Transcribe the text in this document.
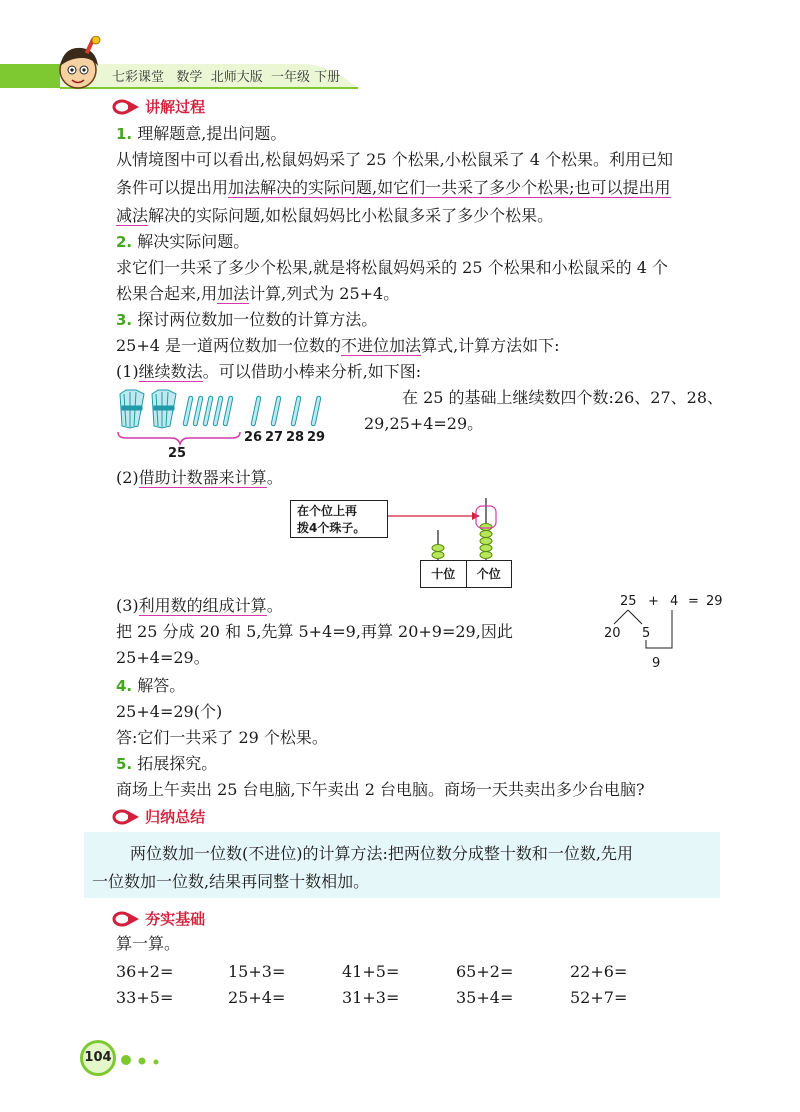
七彩课堂 数学 北师大版 一年级 下册
讲解过程
1. 理解题意,提出问题。
从情境图中可以看出,松鼠妈妈采了 25 个松果,小松鼠采了 4 个松果。利用已知
条件可以提出用加法解决的实际问题,如它们一共采了多少个松果;也可以提出用
减法解决的实际问题,如松鼠妈妈比小松鼠多采了多少个松果。
2. 解决实际问题。
求它们一共采了多少个松果,就是将松鼠妈妈采的 25 个松果和小松鼠采的 4 个
松果合起来,用加法计算,列式为 25+4。
3. 探讨两位数加一位数的计算方法。
25+4 是一道两位数加一位数的不进位加法算式,计算方法如下:
(1)继续数法。可以借助小棒来分析,如下图:
25
26 27 28 29
在 25 的基础上继续数四个数:26、27、28、
29,25+4=29。
(2)借助计数器来计算。
在个位上再
拨4个珠子。
十位	个位
(3)利用数的组成计算。
把 25 分成 20 和 5,先算 5+4=9,再算 20+9=29,因此
25+4=29。
25 + 4 = 29
20 5
9
4. 解答。
25+4=29(个)
答:它们一共采了 29 个松果。
5. 拓展探究。
商场上午卖出 25 台电脑,下午卖出 2 台电脑。商场一天共卖出多少台电脑?
归纳总结
两位数加一位数(不进位)的计算方法:把两位数分成整十数和一位数,先用
一位数加一位数,结果再同整十数相加。
夯实基础
算一算。
36+2=	15+3=	41+5=	65+2=	22+6=
33+5=	25+4=	31+3=	35+4=	52+7=
104
